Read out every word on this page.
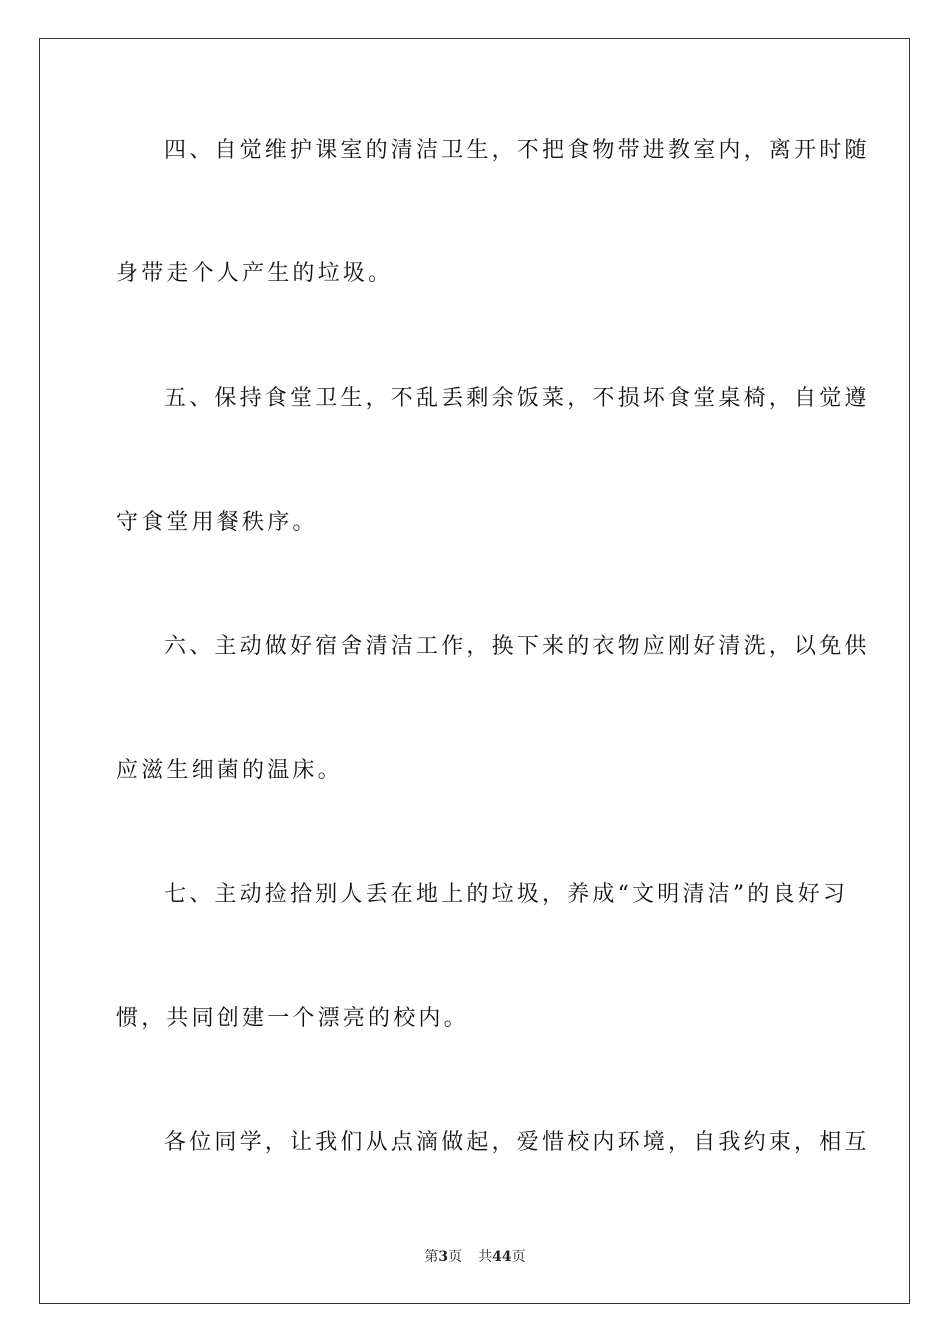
四、自觉维护课室的清洁卫生，不把食物带进教室内，离开时随
身带走个人产生的垃圾。
五、保持食堂卫生，不乱丢剩余饭菜，不损坏食堂桌椅，自觉遵
守食堂用餐秩序。
六、主动做好宿舍清洁工作，换下来的衣物应刚好清洗，以免供
应滋生细菌的温床。
七、主动捡拾别人丢在地上的垃圾，养成“文明清洁”的良好习
惯，共同创建一个漂亮的校内。
各位同学，让我们从点滴做起，爱惜校内环境，自我约束，相互
第3页 共44页
